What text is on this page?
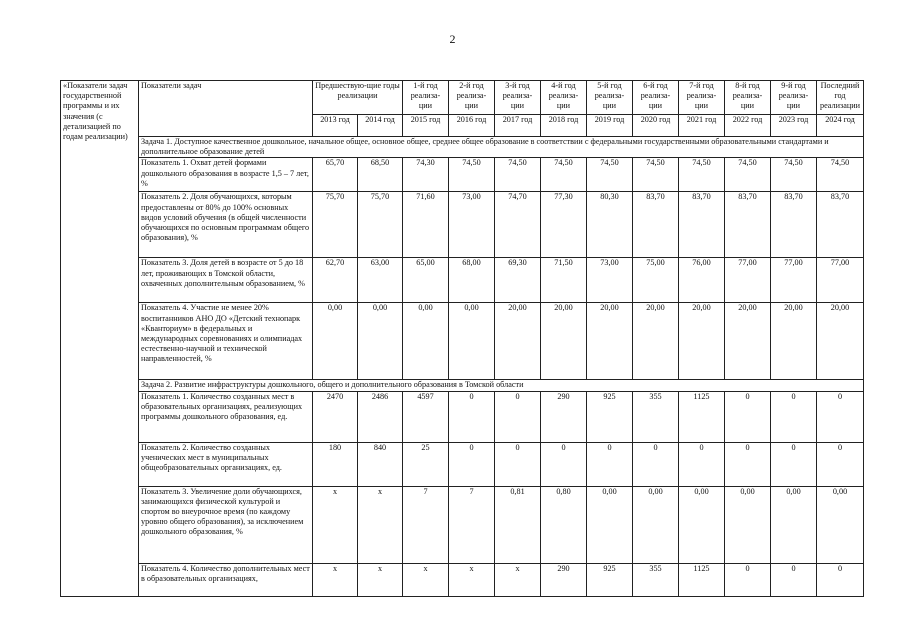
2
«Показатели задач государственной программы и их значения (с детализацией по годам реализации)	Показатели задач	Предшествую-щие годы реализации		1-й год реализа-ции	2-й год реализа-ции	3-й год реализа-ции	4-й год реализа-ции	5-й год реализа-ции	6-й год реализа-ции	7-й год реализа-ции	8-й год реализа-ции	9-й год реализа-ции	Последний год реализации
		2013 год	2014 год	2015 год	2016 год	2017 год	2018 год	2019 год	2020 год	2021 год	2022 год	2023 год	2024 год
	Задача 1. Доступное качественное дошкольное, начальное общее, основное общее, среднее общее образование в соответствии с федеральными государственными образовательными стандартами и дополнительное образование детей												
	Показатель 1. Охват детей формами дошкольного образования в возрасте 1,5 – 7 лет, %	65,70	68,50	74,30	74,50	74,50	74,50	74,50	74,50	74,50	74,50	74,50	74,50
	Показатель 2. Доля обучающихся, которым предоставлены от 80% до 100% основных видов условий обучения (в общей численности обучающихся по основным программам общего образования), %	75,70	75,70	71,60	73,00	74,70	77,30	80,30	83,70	83,70	83,70	83,70	83,70
	Показатель 3. Доля детей в возрасте от 5 до 18 лет, проживающих в Томской области, охваченных дополнительным образованием, %	62,70	63,00	65,00	68,00	69,30	71,50	73,00	75,00	76,00	77,00	77,00	77,00
	Показатель 4. Участие не менее 20% воспитанников АНО ДО «Детский технопарк «Кванториум» в федеральных и международных соревнованиях и олимпиадах естественно-научной и технической направленностей, %	0,00	0,00	0,00	0,00	20,00	20,00	20,00	20,00	20,00	20,00	20,00	20,00
	Задача 2. Развитие инфраструктуры дошкольного, общего и дополнительного образования в Томской области												
	Показатель 1. Количество созданных мест в образовательных организациях, реализующих программы дошкольного образования, ед.	2470	2486	4597	0	0	290	925	355	1125	0	0	0
	Показатель 2. Количество созданных ученических мест в муниципальных общеобразовательных организациях, ед.	180	840	25	0	0	0	0	0	0	0	0	0
	Показатель 3. Увеличение доли обучающихся, занимающихся физической культурой и спортом во внеурочное время (по каждому уровню общего образования), за исключением дошкольного образования, %	x	x	7	7	0,81	0,80	0,00	0,00	0,00	0,00	0,00	0,00
	Показатель 4. Количество дополнительных мест в образовательных организациях,	x	x	x	x	x	290	925	355	1125	0	0	0
